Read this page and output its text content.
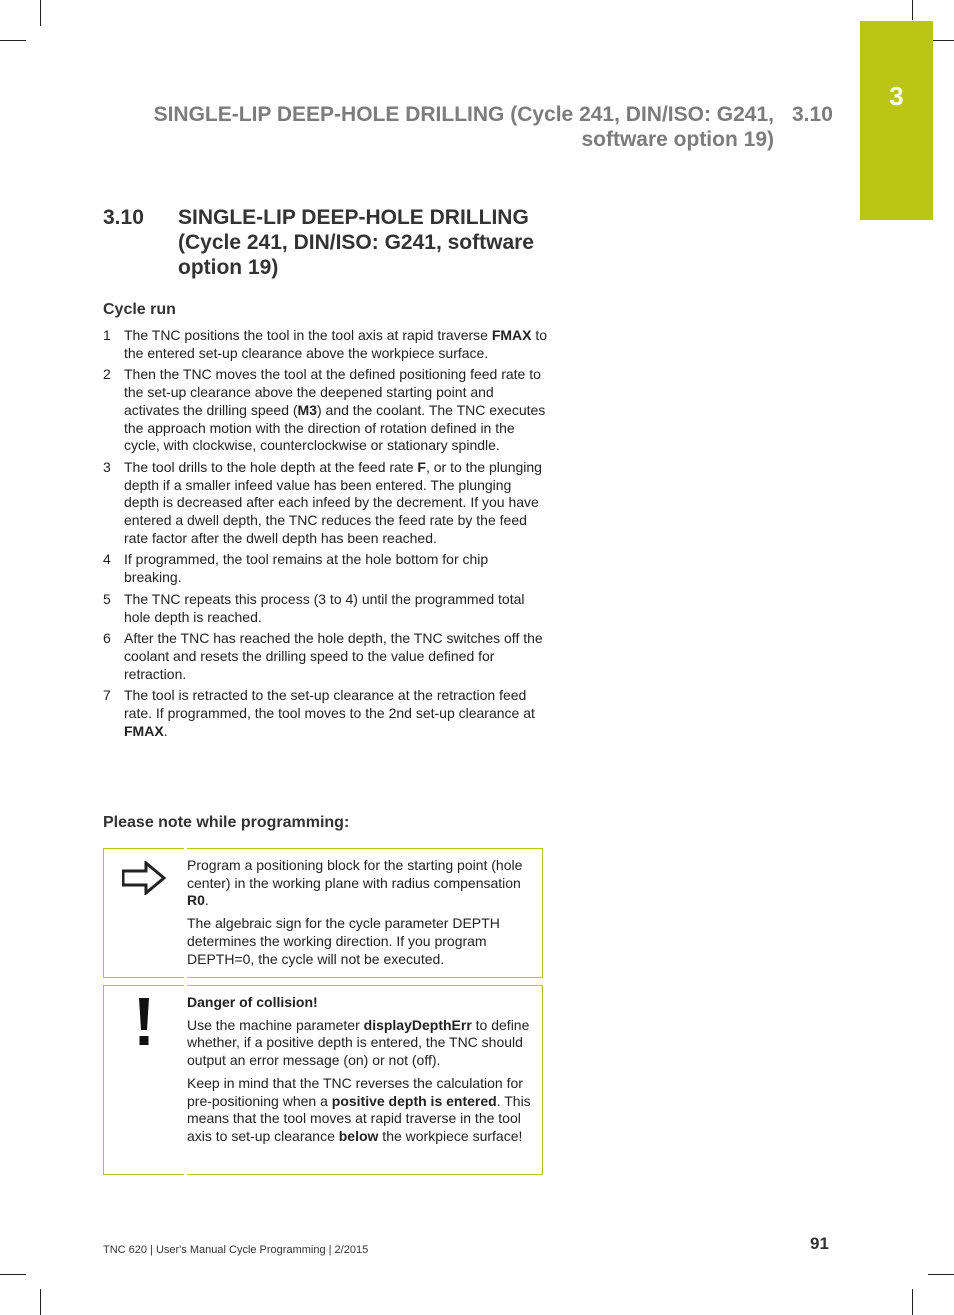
3
SINGLE-LIP DEEP-HOLE DRILLING (Cycle 241, DIN/ISO: G241,
software option 19)
3.10
3.10 SINGLE-LIP DEEP-HOLE DRILLING
(Cycle 241, DIN/ISO: G241, software
option 19)
Cycle run
1 The TNC positions the tool in the tool axis at rapid traverse FMAX to the entered set-up clearance above the workpiece surface.
2 Then the TNC moves the tool at the defined positioning feed rate to the set-up clearance above the deepened starting point and activates the drilling speed (M3) and the coolant. The TNC executes the approach motion with the direction of rotation defined in the cycle, with clockwise, counterclockwise or stationary spindle.
3 The tool drills to the hole depth at the feed rate F, or to the plunging depth if a smaller infeed value has been entered. The plunging depth is decreased after each infeed by the decrement. If you have entered a dwell depth, the TNC reduces the feed rate by the feed rate factor after the dwell depth has been reached.
4 If programmed, the tool remains at the hole bottom for chip breaking.
5 The TNC repeats this process (3 to 4) until the programmed total hole depth is reached.
6 After the TNC has reached the hole depth, the TNC switches off the coolant and resets the drilling speed to the value defined for retraction.
7 The tool is retracted to the set-up clearance at the retraction feed rate. If programmed, the tool moves to the 2nd set-up clearance at FMAX.
Please note while programming:

Program a positioning block for the starting point (hole center) in the working plane with radius compensation R0.

The algebraic sign for the cycle parameter DEPTH determines the working direction. If you program DEPTH=0, the cycle will not be executed.

Danger of collision!

Use the machine parameter displayDepthErr to define whether, if a positive depth is entered, the TNC should output an error message (on) or not (off).

Keep in mind that the TNC reverses the calculation for pre-positioning when a positive depth is entered. This means that the tool moves at rapid traverse in the tool axis to set-up clearance below the workpiece surface!

TNC 620 | User's Manual Cycle Programming | 2/2015	91
